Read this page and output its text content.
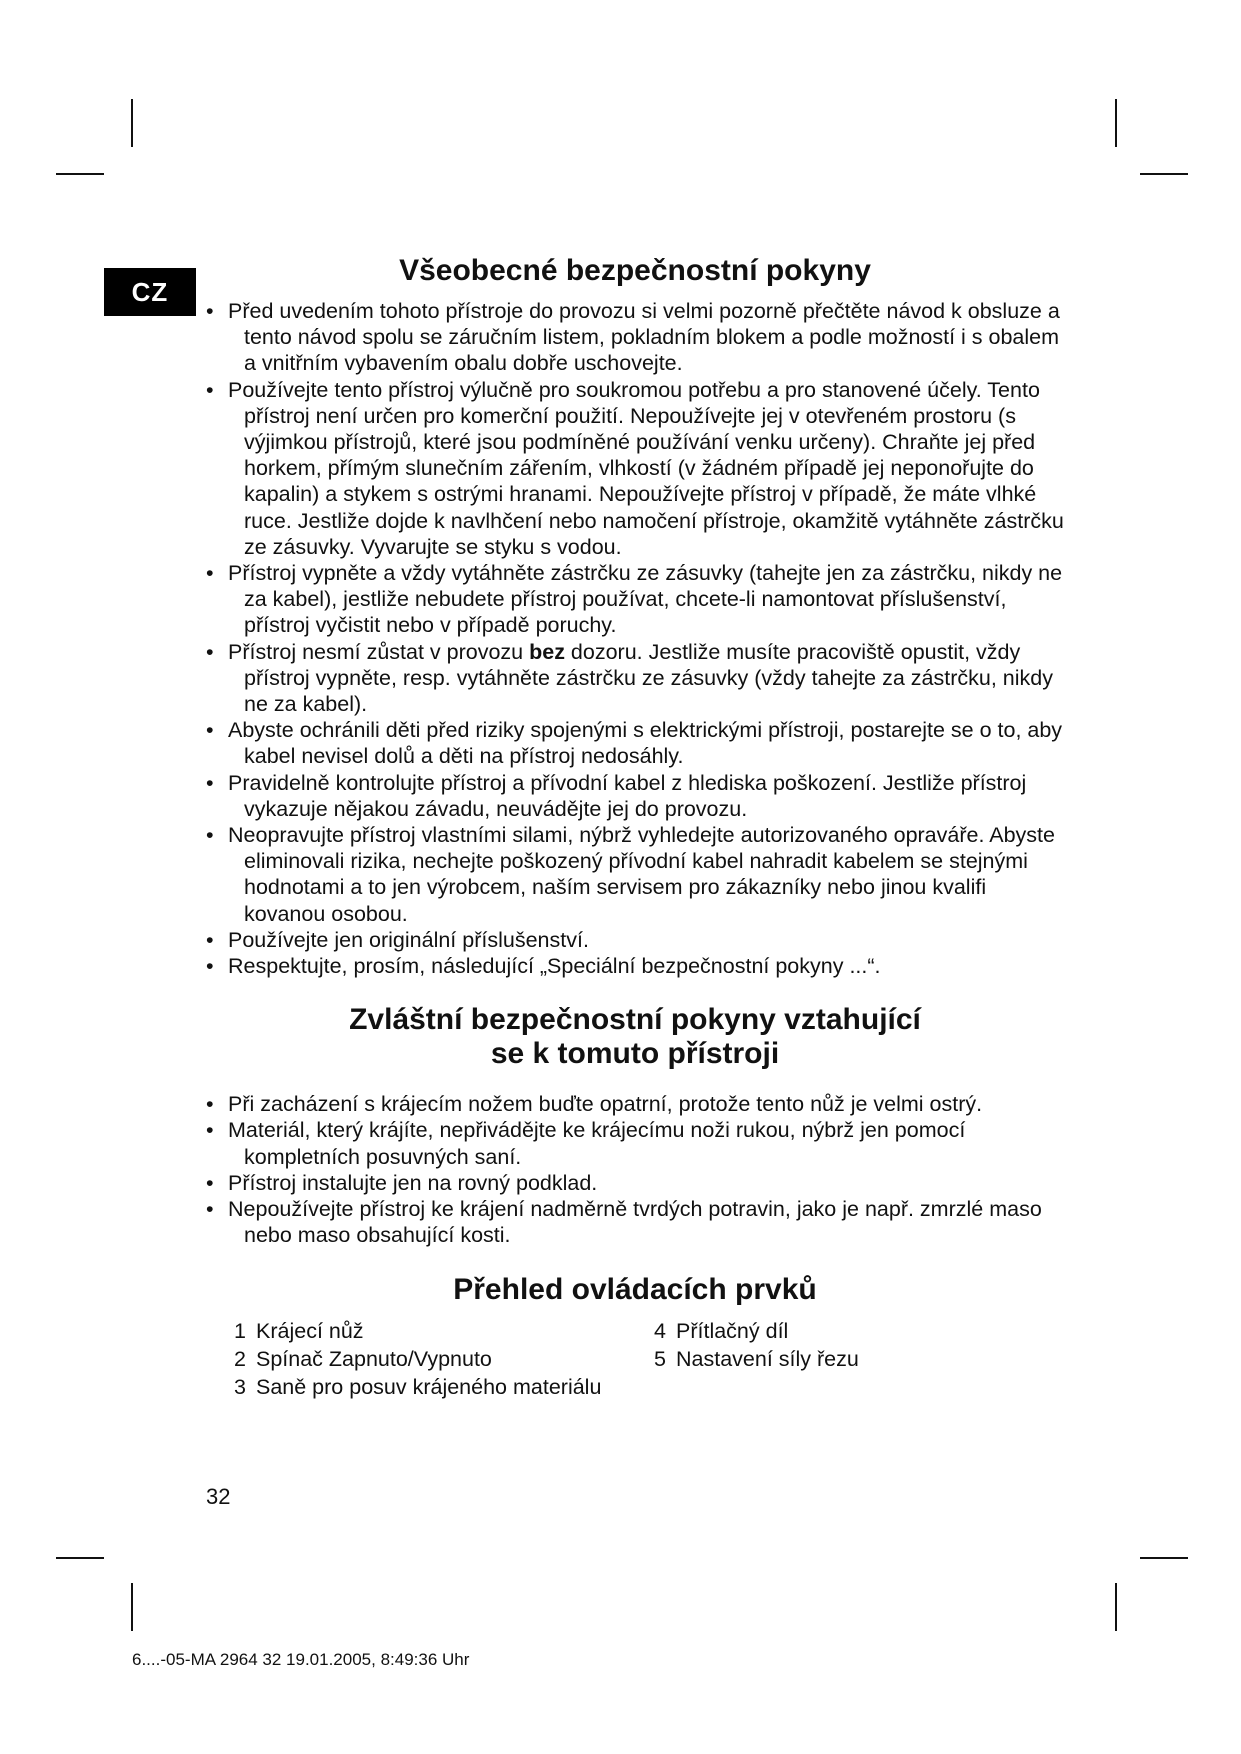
CZ
Všeobecné bezpečnostní pokyny
• Před uvedením tohoto přístroje do provozu si velmi pozorně přečtěte návod k obsluze a tento návod spolu se záručním listem, pokladním blokem a podle možností i s obalem a vnitřním vybavením obalu dobře uschovejte.
• Používejte tento přístroj výlučně pro soukromou potřebu a pro stanovené účely. Tento přístroj není určen pro komerční použití. Nepoužívejte jej v otevřeném prostoru (s výjimkou přístrojů, které jsou podmíněné používání venku určeny). Chraňte jej před horkem, přímým slunečním zářením, vlhkostí (v žádném případě jej neponořujte do kapalin) a stykem s ostrými hranami. Nepoužívejte přístroj v případě, že máte vlhké ruce. Jestliže dojde k navlhčení nebo namočení přístroje, okamžitě vytáhněte zástrčku ze zásuvky. Vyvarujte se styku s vodou.
• Přístroj vypněte a vždy vytáhněte zástrčku ze zásuvky (tahejte jen za zástrčku, nikdy ne za kabel), jestliže nebudete přístroj používat, chcete-li namontovat příslušenství, přístroj vyčistit nebo v případě poruchy.
• Přístroj nesmí zůstat v provozu bez dozoru. Jestliže musíte pracoviště opustit, vždy přístroj vypněte, resp. vytáhněte zástrčku ze zásuvky (vždy tahejte za zástrčku, nikdy ne za kabel).
• Abyste ochránili děti před riziky spojenými s elektrickými přístroji, postarejte se o to, aby kabel nevisel dolů a děti na přístroj nedosáhly.
• Pravidelně kontrolujte přístroj a přívodní kabel z hlediska poškození. Jestliže přístroj vykazuje nějakou závadu, neuvádějte jej do provozu.
• Neopravujte přístroj vlastními silami, nýbrž vyhledejte autorizovaného opraváře. Abyste eliminovali rizika, nechejte poškozený přívodní kabel nahradit kabelem se stejnými hodnotami a to jen výrobcem, naším servisem pro zákazníky nebo jinou kvalifi kovanou osobou.
• Používejte jen originální příslušenství.
• Respektujte, prosím, následující „Speciální bezpečnostní pokyny ...“.
Zvláštní bezpečnostní pokyny vztahující
se k tomuto přístroji
• Při zacházení s krájecím nožem buďte opatrní, protože tento nůž je velmi ostrý.
• Materiál, který krájíte, nepřivádějte ke krájecímu noži rukou, nýbrž jen pomocí kompletních posuvných saní.
• Přístroj instalujte jen na rovný podklad.
• Nepoužívejte přístroj ke krájení nadměrně tvrdých potravin, jako je např. zmrzlé maso nebo maso obsahující kosti.
Přehled ovládacích prvků
1 Krájecí nůž	4 Přítlačný díl
2 Spínač Zapnuto/Vypnuto	5 Nastavení síly řezu
3 Saně pro posuv krájeného materiálu
32
6....-05-MA 2964 32 19.01.2005, 8:49:36 Uhr
